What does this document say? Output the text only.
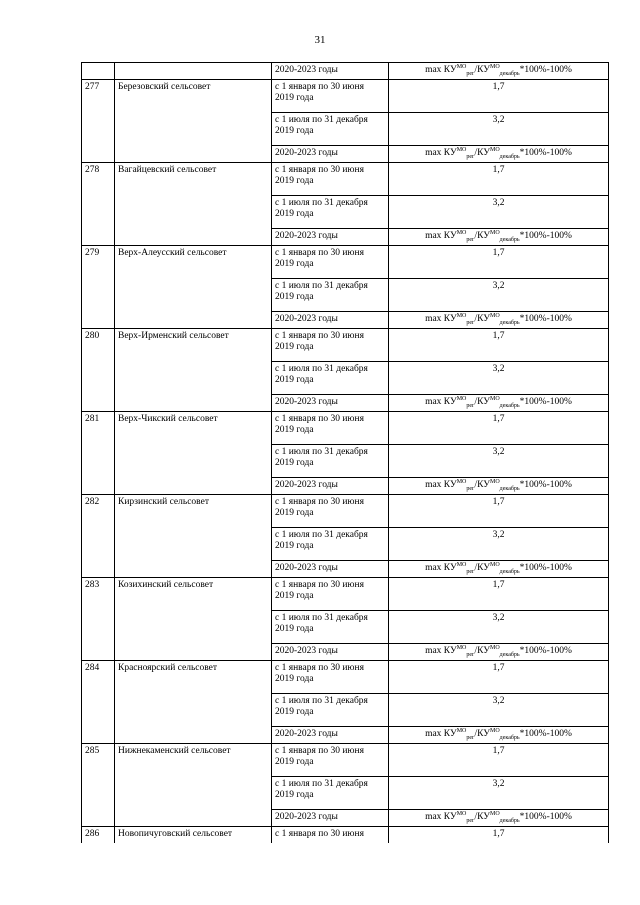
31
		2020-2023 годы	$\max КУ^{МО}_{рег}/КУ^{МО}_{декабрь}*100\%-100\%$
277	Березовский сельсовет	с 1 января по 30 июня 2019 года	1,7
		с 1 июля по 31 декабря 2019 года	3,2
		2020-2023 годы	$\max КУ^{МО}_{рег}/КУ^{МО}_{декабрь}*100\%-100\%$
278	Вагайцевский сельсовет	с 1 января по 30 июня 2019 года	1,7
		с 1 июля по 31 декабря 2019 года	3,2
		2020-2023 годы	$\max КУ^{МО}_{рег}/КУ^{МО}_{декабрь}*100\%-100\%$
279	Верх-Алеусский сельсовет	с 1 января по 30 июня 2019 года	1,7
		с 1 июля по 31 декабря 2019 года	3,2
		2020-2023 годы	$\max КУ^{МО}_{рег}/КУ^{МО}_{декабрь}*100\%-100\%$
280	Верх-Ирменский сельсовет	с 1 января по 30 июня 2019 года	1,7
		с 1 июля по 31 декабря 2019 года	3,2
		2020-2023 годы	$\max КУ^{МО}_{рег}/КУ^{МО}_{декабрь}*100\%-100\%$
281	Верх-Чикский сельсовет	с 1 января по 30 июня 2019 года	1,7
		с 1 июля по 31 декабря 2019 года	3,2
		2020-2023 годы	$\max КУ^{МО}_{рег}/КУ^{МО}_{декабрь}*100\%-100\%$
282	Кирзинский сельсовет	с 1 января по 30 июня 2019 года	1,7
		с 1 июля по 31 декабря 2019 года	3,2
		2020-2023 годы	$\max КУ^{МО}_{рег}/КУ^{МО}_{декабрь}*100\%-100\%$
283	Козихинский сельсовет	с 1 января по 30 июня 2019 года	1,7
		с 1 июля по 31 декабря 2019 года	3,2
		2020-2023 годы	$\max КУ^{МО}_{рег}/КУ^{МО}_{декабрь}*100\%-100\%$
284	Красноярский сельсовет	с 1 января по 30 июня 2019 года	1,7
		с 1 июля по 31 декабря 2019 года	3,2
		2020-2023 годы	$\max КУ^{МО}_{рег}/КУ^{МО}_{декабрь}*100\%-100\%$
285	Нижнекаменский сельсовет	с 1 января по 30 июня 2019 года	1,7
		с 1 июля по 31 декабря 2019 года	3,2
		2020-2023 годы	$\max КУ^{МО}_{рег}/КУ^{МО}_{декабрь}*100\%-100\%$
286	Новопичуговский сельсовет	с 1 января по 30 июня	1,7
